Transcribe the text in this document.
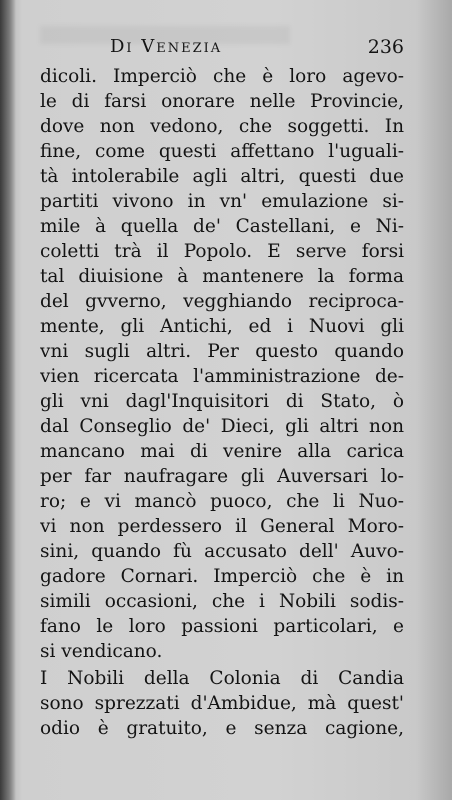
Di Venezia	236
dicoli. Imperciò che è loro agevo-
le di farsi onorare nelle Provincie,
dove non vedono, che soggetti. In
fine, come questi affettano l'uguali-
tà intolerabile agli altri, questi due
partiti vivono in vn' emulazione si-
mile à quella de' Castellani, e Ni-
coletti trà il Popolo. E serve forsi
tal diuisione à mantenere la forma
del gvverno, vegghiando reciproca-
mente, gli Antichi, ed i Nuovi gli
vni sugli altri. Per questo quando
vien ricercata l'amministrazione de-
gli vni dagl'Inquisitori di Stato, ò
dal Conseglio de' Dieci, gli altri non
mancano mai di venire alla carica
per far naufragare gli Auversari lo-
ro; e vi mancò puoco, che li Nuo-
vi non perdessero il General Moro-
sini, quando fù accusato dell' Auvo-
gadore Cornari. Imperciò che è in
simili occasioni, che i Nobili sodis-
fano le loro passioni particolari, e
si vendicano.
I Nobili della Colonia di Candia
sono sprezzati d'Ambidue, mà quest'
odio è gratuito, e senza cagione,
